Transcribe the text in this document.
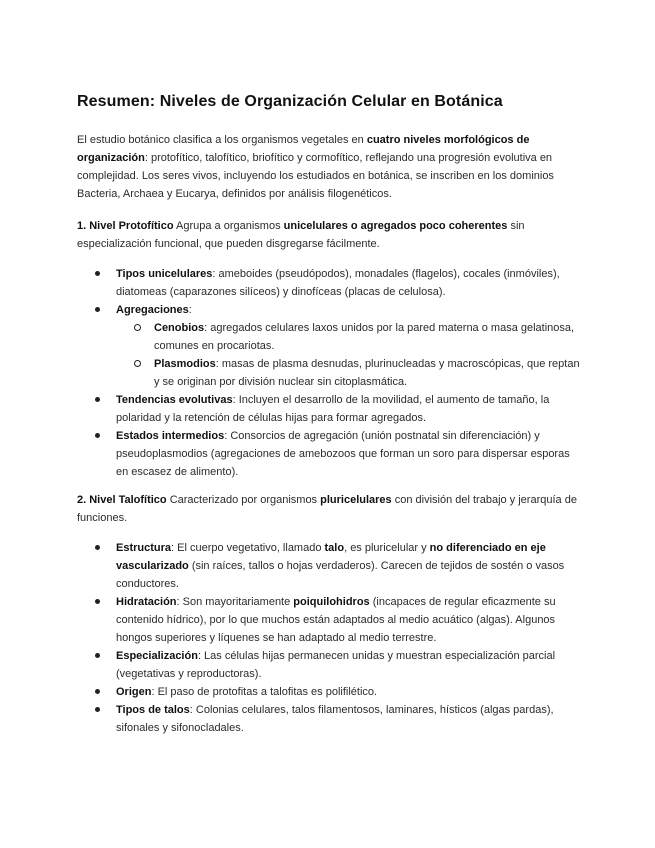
Resumen: Niveles de Organización Celular en Botánica

El estudio botánico clasifica a los organismos vegetales en cuatro niveles morfológicos de organización: protofítico, talofítico, briofítico y cormofítico, reflejando una progresión evolutiva en complejidad. Los seres vivos, incluyendo los estudiados en botánica, se inscriben en los dominios Bacteria, Archaea y Eucarya, definidos por análisis filogenéticos.

1. Nivel Protofítico Agrupa a organismos unicelulares o agregados poco coherentes sin especialización funcional, que pueden disgregarse fácilmente.

Tipos unicelulares: ameboides (pseudópodos), monadales (flagelos), cocales (inmóviles), diatomeas (caparazones silíceos) y dinofíceas (placas de celulosa).
Agregaciones:
Cenobios: agregados celulares laxos unidos por la pared materna o masa gelatinosa, comunes en procariotas.
Plasmodios: masas de plasma desnudas, plurinucleadas y macroscópicas, que reptan y se originan por división nuclear sin citoplasmática.
Tendencias evolutivas: Incluyen el desarrollo de la movilidad, el aumento de tamaño, la polaridad y la retención de células hijas para formar agregados.
Estados intermedios: Consorcios de agregación (unión postnatal sin diferenciación) y pseudoplasmodios (agregaciones de amebozoos que forman un soro para dispersar esporas en escasez de alimento).

2. Nivel Talofítico Caracterizado por organismos pluricelulares con división del trabajo y jerarquía de funciones.

Estructura: El cuerpo vegetativo, llamado talo, es pluricelular y no diferenciado en eje vascularizado (sin raíces, tallos o hojas verdaderos). Carecen de tejidos de sostén o vasos conductores.
Hidratación: Son mayoritariamente poiquilohidros (incapaces de regular eficazmente su contenido hídrico), por lo que muchos están adaptados al medio acuático (algas). Algunos hongos superiores y líquenes se han adaptado al medio terrestre.
Especialización: Las células hijas permanecen unidas y muestran especialización parcial (vegetativas y reproductoras).
Origen: El paso de protofitas a talofitas es polifilético.
Tipos de talos: Colonias celulares, talos filamentosos, laminares, hísticos (algas pardas), sifonales y sifonocladales.
